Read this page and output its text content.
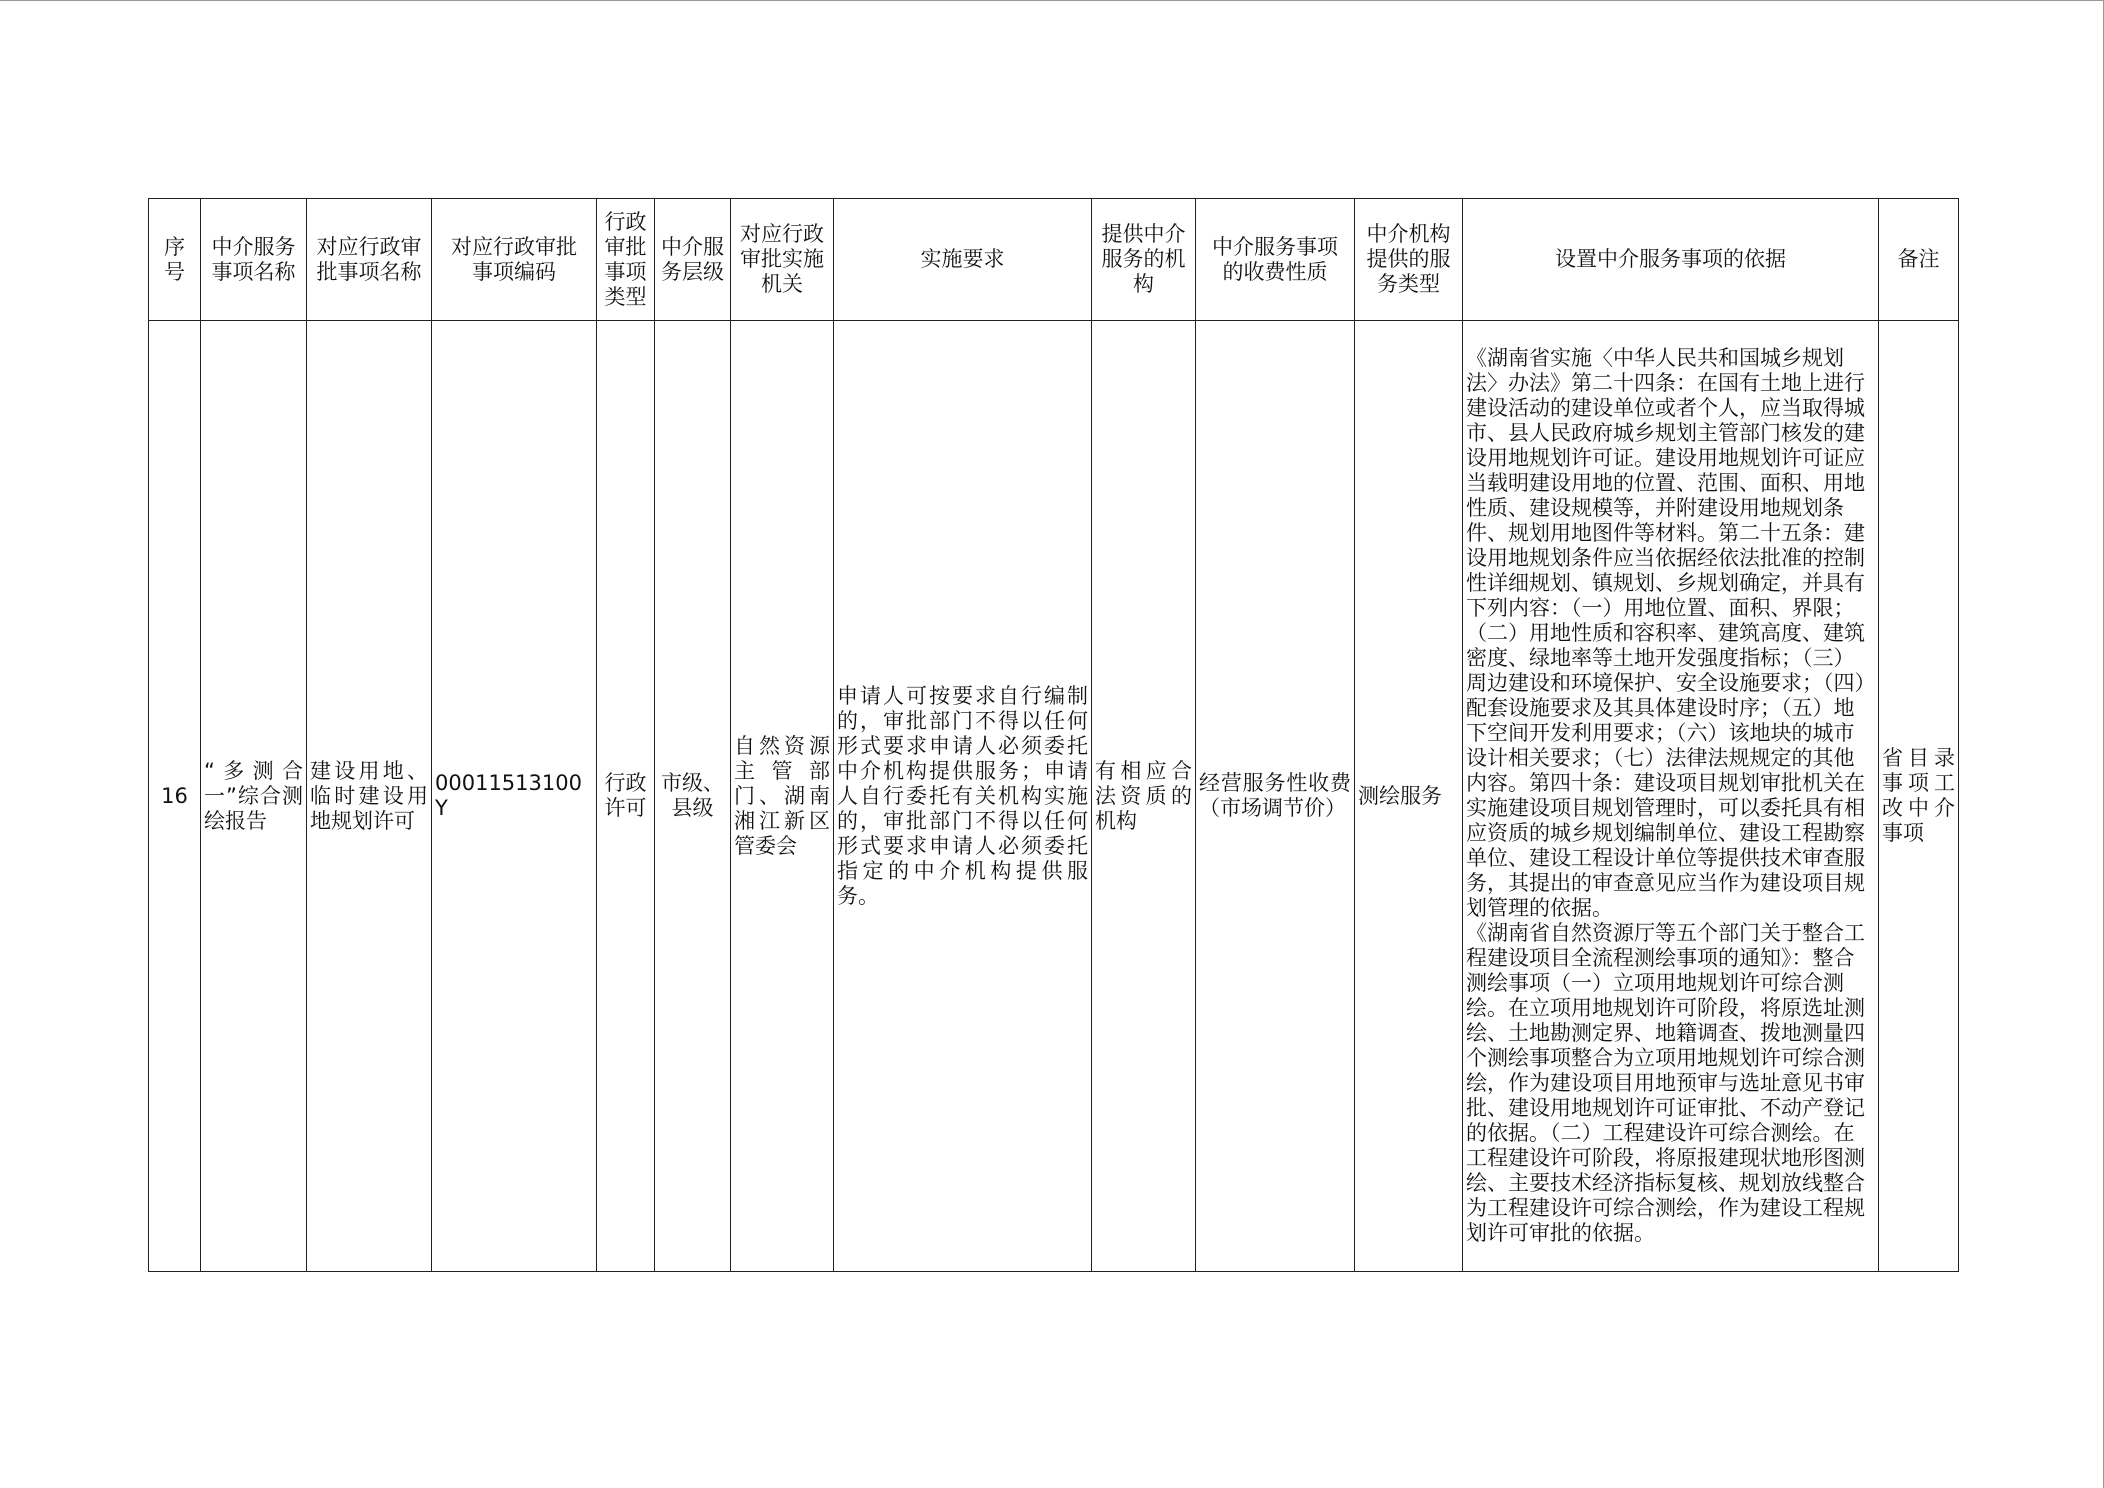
序号	中介服务事项名称	对应行政审批事项名称	对应行政审批事项编码	行政审批事项类型	中介服务层级	对应行政审批实施机关	实施要求	提供中介服务的机构	中介服务事项的收费性质	中介机构提供的服务类型	设置中介服务事项的依据	备注
16	“多测合一”综合测绘报告	建设用地、临时建设用地规划许可	00011513100Y	行政许可	市级、县级	自然资源主管部门、湖南湘江新区管委会	申请人可按要求自行编制的，审批部门不得以任何形式要求申请人必须委托中介机构提供服务；申请人自行委托有关机构实施的，审批部门不得以任何形式要求申请人必须委托指定的中介机构提供服务。	有相应合法资质的机构	经营服务性收费（市场调节价）	测绘服务	《湖南省实施〈中华人民共和国城乡规划法〉办法》第二十四条：在国有土地上进行建设活动的建设单位或者个人，应当取得城市、县人民政府城乡规划主管部门核发的建设用地规划许可证。建设用地规划许可证应当载明建设用地的位置、范围、面积、用地性质、建设规模等，并附建设用地规划条件、规划用地图件等材料。第二十五条：建设用地规划条件应当依据经依法批准的控制性详细规划、镇规划、乡规划确定，并具有下列内容：（一）用地位置、面积、界限；（二）用地性质和容积率、建筑高度、建筑密度、绿地率等土地开发强度指标；（三）周边建设和环境保护、安全设施要求；（四）配套设施要求及其具体建设时序；（五）地下空间开发利用要求；（六）该地块的城市设计相关要求；（七）法律法规规定的其他内容。第四十条：建设项目规划审批机关在实施建设项目规划管理时，可以委托具有相应资质的城乡规划编制单位、建设工程勘察单位、建设工程设计单位等提供技术审查服务，其提出的审查意见应当作为建设项目规划管理的依据。
《湖南省自然资源厅等五个部门关于整合工程建设项目全流程测绘事项的通知》：整合测绘事项（一）立项用地规划许可综合测绘。在立项用地规划许可阶段，将原选址测绘、土地勘测定界、地籍调查、拨地测量四个测绘事项整合为立项用地规划许可综合测绘，作为建设项目用地预审与选址意见书审批、建设用地规划许可证审批、不动产登记的依据。（二）工程建设许可综合测绘。在工程建设许可阶段，将原报建现状地形图测绘、主要技术经济指标复核、规划放线整合为工程建设许可综合测绘，作为建设工程规划许可审批的依据。	省目录事项工改中介事项
